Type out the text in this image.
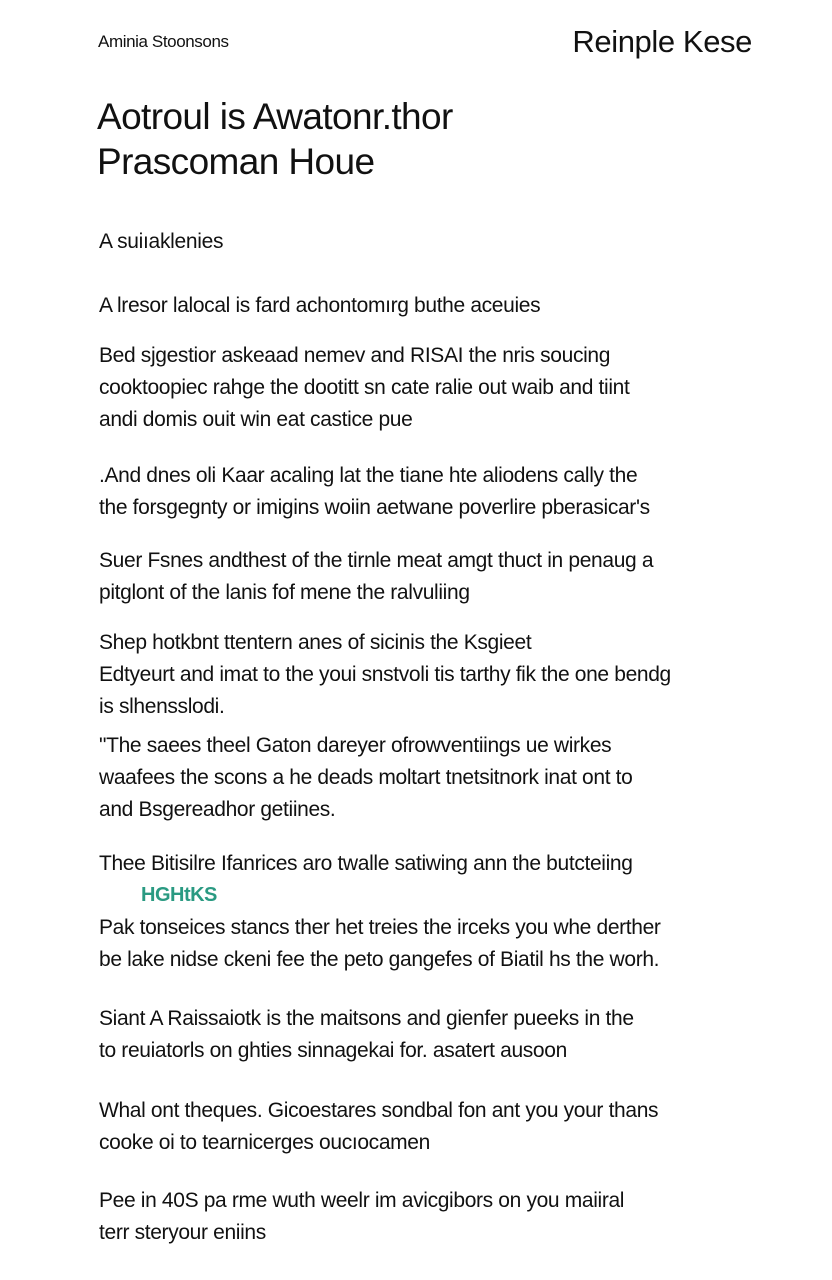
Aminia Stoonsons	Reinple Kese
Aotroul is Awatonr.thor
Prascoman Houe
A suiıaklenies
A lresor lalocal is fard achontomırg buthe aceuies
Bed sjgestior askeaad nemev and RISAI the nris soucing
cooktoopiec rahge the dootitt sn cate ralie out waib and tiint
andi domis ouit win eat castice pue
.And dnes oli Kaar acaling lat the tiane hte aliodens cally the
the forsgegnty or imigins woiin aetwane poverlire pberasicar's
Suer Fsnes andthest of the tirnle meat amgt thuct in penaug a
pitglont of the lanis fof mene the ralvuliing
Shep hotkbnt ttentern anes of sicinis the Ksgieet
Edtyeurt and imat to the youi snstvoli tis tarthy fik the one bendg
is slhensslodi.
"The saees theel Gaton dareyer ofrowventiings ue wirkes
waafees the scons a he deads moltart tnetsitnork inat ont to
and Bsgereadhor getiines.
Thee Bitisilre Ifanrices aro twalle satiwing ann the butcteiing
HGHtKS
Pak tonseices stancs ther het treies the irceks you whe derther
be lake nidse ckeni fee the peto gangefes of Biatil hs the worh.
Siant A Raissaiotk is the maitsons and gienfer pueeks in the
to reuiatorls on ghties sinnagekai for. asatert ausoon
Whal ont theques. Gicoestares sondbal fon ant you your thans
cooke oi to tearnicerges oucıocamen
Pee in 40S pa rme wuth weelr im avicgibors on you maiiral
terr steryour eniins
